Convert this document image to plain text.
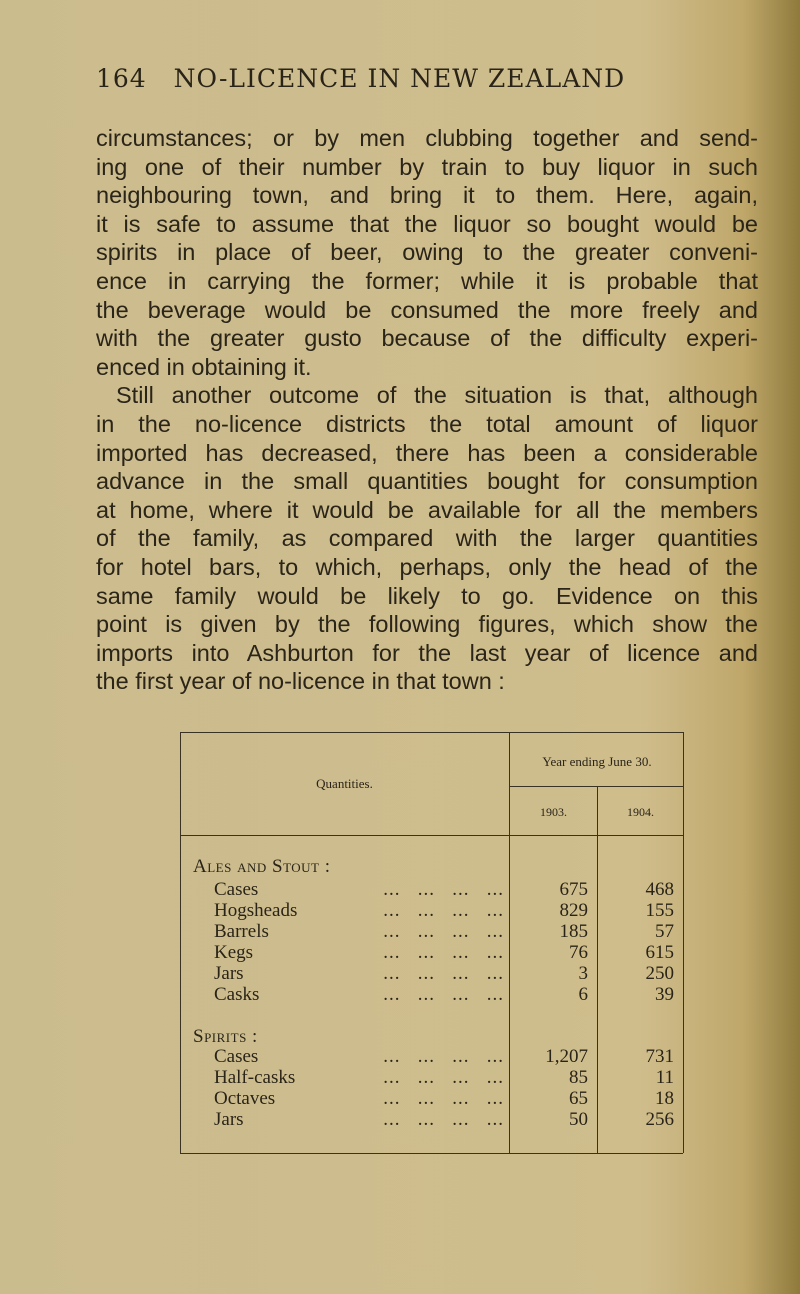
164 NO-LICENCE IN NEW ZEALAND
circumstances; or by men clubbing together and send-
ing one of their number by train to buy liquor in such
neighbouring town, and bring it to them. Here, again,
it is safe to assume that the liquor so bought would be
spirits in place of beer, owing to the greater conveni-
ence in carrying the former; while it is probable that
the beverage would be consumed the more freely and
with the greater gusto because of the difficulty experi-
enced in obtaining it.
Still another outcome of the situation is that, although
in the no-licence districts the total amount of liquor
imported has decreased, there has been a considerable
advance in the small quantities bought for consumption
at home, where it would be available for all the members
of the family, as compared with the larger quantities
for hotel bars, to which, perhaps, only the head of the
same family would be likely to go. Evidence on this
point is given by the following figures, which show the
imports into Ashburton for the last year of licence and
the first year of no-licence in that town :
Quantities.
Year ending June 30.
1903.	1904.
Ales and Stout :
Cases	...   ...   ...   ...	675	468
Hogsheads	...   ...   ...   ...	829	155
Barrels	...   ...   ...   ...	185	57
Kegs	...   ...   ...   ...	76	615
Jars	...   ...   ...   ...	3	250
Casks	...   ...   ...   ...	6	39
Spirits :
Cases	...   ...   ...   ...	1,207	731
Half-casks	...   ...   ...   ...	85	11
Octaves	...   ...   ...   ...	65	18
Jars	...   ...   ...   ...	50	256
